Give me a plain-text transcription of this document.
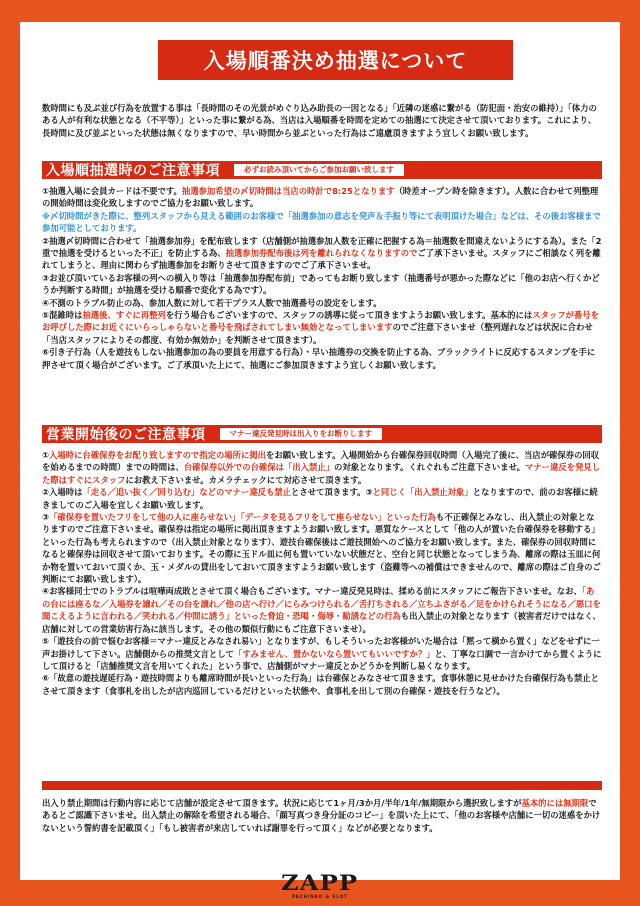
入場順番決め抽選について

数時間にも及ぶ並び行為を放置する事は「長時間のその光景がめぐり込み助長の一因となる」「近隣の迷惑に繋がる（防犯面・治安の維持）」「体力のある人が有利な状態となる（不平等）」といった事に繋がる為、当店は入場順番を時間を定めての抽選にて決定させて頂いております。これにより、長時間に及び並ぶといった状態は無くなりますので、早い時間から並ぶといった行為はご遠慮頂きますよう宜しくお願い致します。

入場順抽選時のご注意事項	必ずお読み頂いてからご参加お願い致します

①抽選入場に会員カードは不要です。抽選参加希望の〆切時間は当店の時計で8:25となります（時差オープン時を除きます）。人数に合わせて列整理の開始時間は変化致しますのでご協力をお願い致します。

※〆切時間がきた際に、整列スタッフから見える範囲のお客様で「抽選参加の意志を発声＆手振り等にて表明頂けた場合」などは、その後お客様まで参加可能としております。

②抽選〆切時間に合わせて「抽選参加券」を配布致します（店舗側が抽選参加人数を正確に把握する為＝抽選数を間違えないようにする為）。また「2重で抽選を受けるといった不正」を防止する為、抽選参加券配布後は列を離れられなくなりますのでご了承下さいませ。スタッフにご相談なく列を離れてしまうと、理由に関わらず抽選参加をお断りさせて頂きますのでご了承下さいませ。

③お並び頂いているお客様の列への横入り等は「抽選参加券配布前」であってもお断り致します（抽選番号が悪かった際などに「他のお店へ行くかどうか判断する時間」が抽選を受ける順番で変化する為です）。

④不測のトラブル防止の為、参加人数に対して若干プラス人数で抽選番号の設定をします。

⑤混雑時は抽選後、すぐに再整列を行う場合もございますので、スタッフの誘導に従って頂きますようお願い致します。基本的にはスタッフが番号をお呼びした際にお近くにいらっしゃらないと番号を飛ばされてしまい無効となってしまいますのでご注意下さいませ（整列遅れなどは状況に合わせ「当店スタッフによりその都度、有効か無効か」を判断させて頂きます）。

⑥引き子行為（人を遊技もしない抽選参加の為の要員を用意する行為）・早い抽選券の交換を防止する為、ブラックライトに反応するスタンプを手に押させて頂く場合がございます。ご了承頂いた上にて、抽選にご参加頂きますよう宜しくお願い致します。

営業開始後のご注意事項	マナー違反発見時は出入りをお断りします

①入場時に台確保券をお配り致しますので指定の場所に掲出をお願い致します。入場開始から台確保券回収時間（入場完了後に、当店が確保券の回収を始めるまでの時間）までの時間は、台確保券以外での台確保は「出入禁止」の対象となります。くれぐれもご注意下さいませ。マナー違反を発見した際はすぐにスタッフにお教え下さいませ。カメラチェックにて対応させて頂きます。

②入場時は「走る／追い抜く／回り込む」などのマナー違反も禁止とさせて頂きます。③と同じく「出入禁止対象」となりますので、前のお客様に続きましてのご入場を宜しくお願い致します。

③「確保券を置いたフリをして他の人に座らせない」「データを見るフリをして座らせない」といった行為も不正確保とみなし、出入禁止の対象となりますのでご注意下さいませ。確保券は指定の場所に掲出頂きますようお願い致します。悪質なケースとして「他の人が置いた台確保券を移動する」といった行為も考えられますので（出入禁止対象となります）、遊技台確保後はご遊技開始へのご協力をお願い致します。また、確保券の回収時間になると確保券は回収させて頂いております。その際に玉ドル皿に何も置いていない状態だと、空台と同じ状態となってしまう為、離席の際は玉皿に何か物を置いておいて頂くか、玉・メダルの貸出をしておいて頂きますようお願い致します（盗難等への補償はできませんので、離席の際はご自身のご判断にてお願い致します）。

④お客様同士でのトラブルは喧嘩両成敗とさせて頂く場合もございます。マナー違反発見時は、揉める前にスタッフにご報告下さいませ。なお、「あの台には座るな／入場券を譲れ／その台を譲れ／他の店へ行け／にらみつけられる／舌打ちされる／立ちふさがる／足をかけられそうになる／悪口を聞こえるように言われる／笑われる／仲間に誘う」といった脅迫・恐喝・侮辱・勧誘などの行為も出入禁止の対象となります（被害者だけではなく、店舗に対しての営業妨害行為に該当します。その他の類似行動にもご注意下さいませ）。

⑤「遊技台の前で悩むお客様＝マナー違反とみなされ易い」となりますが、もしそういったお客様がいた場合は「黙って横から置く」などをせずに一声お掛けして下さい。店舗側からの推奨文言として「すみません、置かないなら置いてもいいですか？」と、丁寧な口調で一言かけてから置くようにして頂けると「店舗推奨文言を用いてくれた」という事で、店舗側がマナー違反とかどうかを判断し易くなります。

⑥「故意の遊技遅延行為・遊技時間よりも離席時間が長いといった行為」は台確保とみなさせて頂きます。食事休憩に見せかけた台確保行為も禁止とさせて頂きます（食事札を出したが店内巡回しているだけといった状態や、食事札を出して別の台確保・遊技を行うなど）。

出入り禁止期間は行動内容に応じて店舗が設定させて頂きます。状況に応じて1ヶ月/3か月/半年/1年/無期限から選択致しますが基本的には無期限であるとご認識下さいませ。出入禁止の解除を希望される場合、「顔写真つき身分証のコピー」を頂いた上にて、「他のお客様や店舗に一切の迷惑をかけないという誓約書を記載頂く」「もし被害者が来店していれば謝罪を行って頂く」などが必要となります。

ZAPP
PACHINKO & SLOT
